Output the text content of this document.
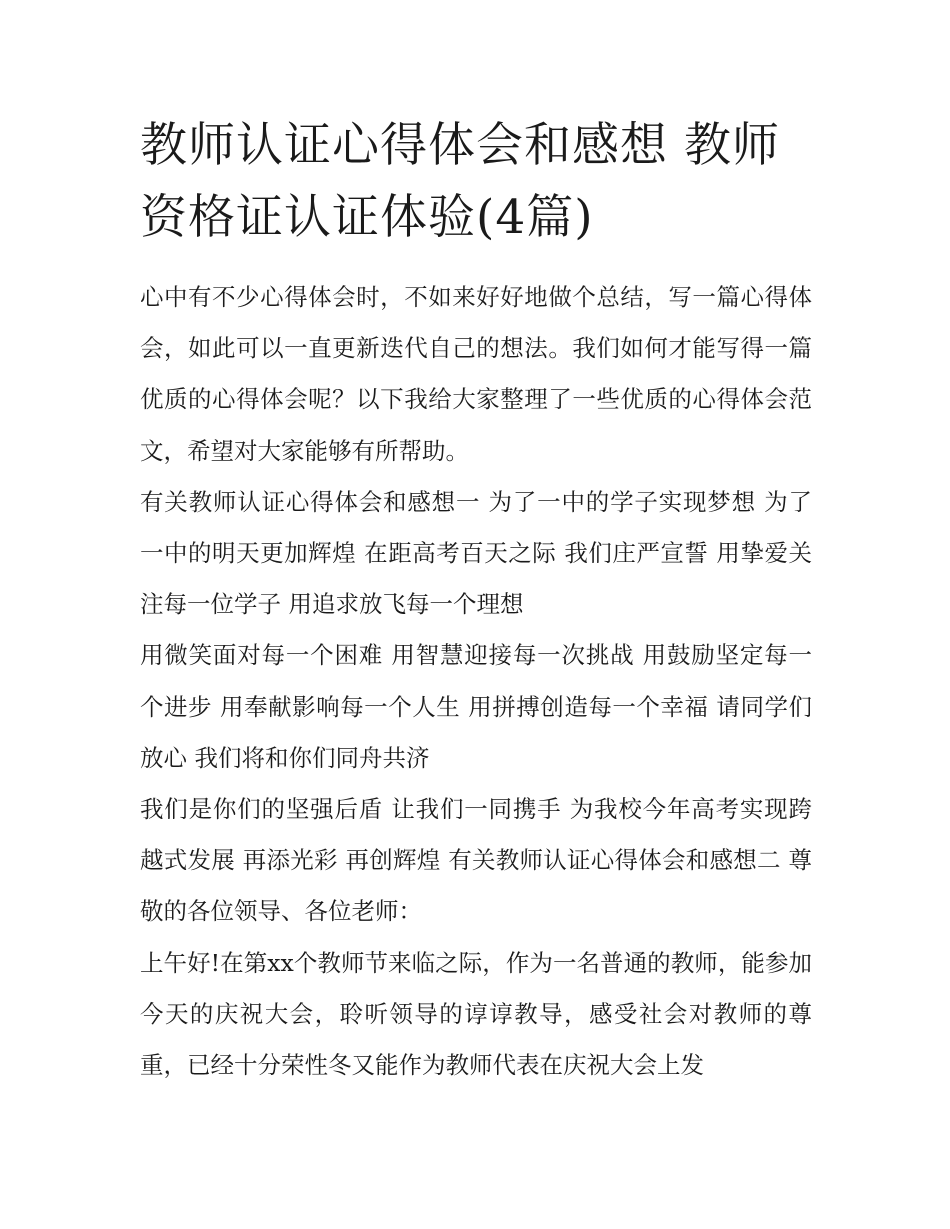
教师认证心得体会和感想 教师资格证认证体验(4篇)

心中有不少心得体会时，不如来好好地做个总结，写一篇心得体会，如此可以一直更新迭代自己的想法。我们如何才能写得一篇优质的心得体会呢？以下我给大家整理了一些优质的心得体会范文，希望对大家能够有所帮助。

有关教师认证心得体会和感想一 为了一中的学子实现梦想 为了一中的明天更加辉煌 在距高考百天之际 我们庄严宣誓 用挚爱关注每一位学子 用追求放飞每一个理想

用微笑面对每一个困难 用智慧迎接每一次挑战 用鼓励坚定每一个进步 用奉献影响每一个人生 用拼搏创造每一个幸福 请同学们放心 我们将和你们同舟共济

我们是你们的坚强后盾 让我们一同携手 为我校今年高考实现跨越式发展 再添光彩 再创辉煌 有关教师认证心得体会和感想二 尊敬的各位领导、各位老师：

上午好!在第xx个教师节来临之际，作为一名普通的教师，能参加今天的庆祝大会，聆听领导的谆谆教导，感受社会对教师的尊重，已经十分荣性冬又能作为教师代表在庆祝大会上发
